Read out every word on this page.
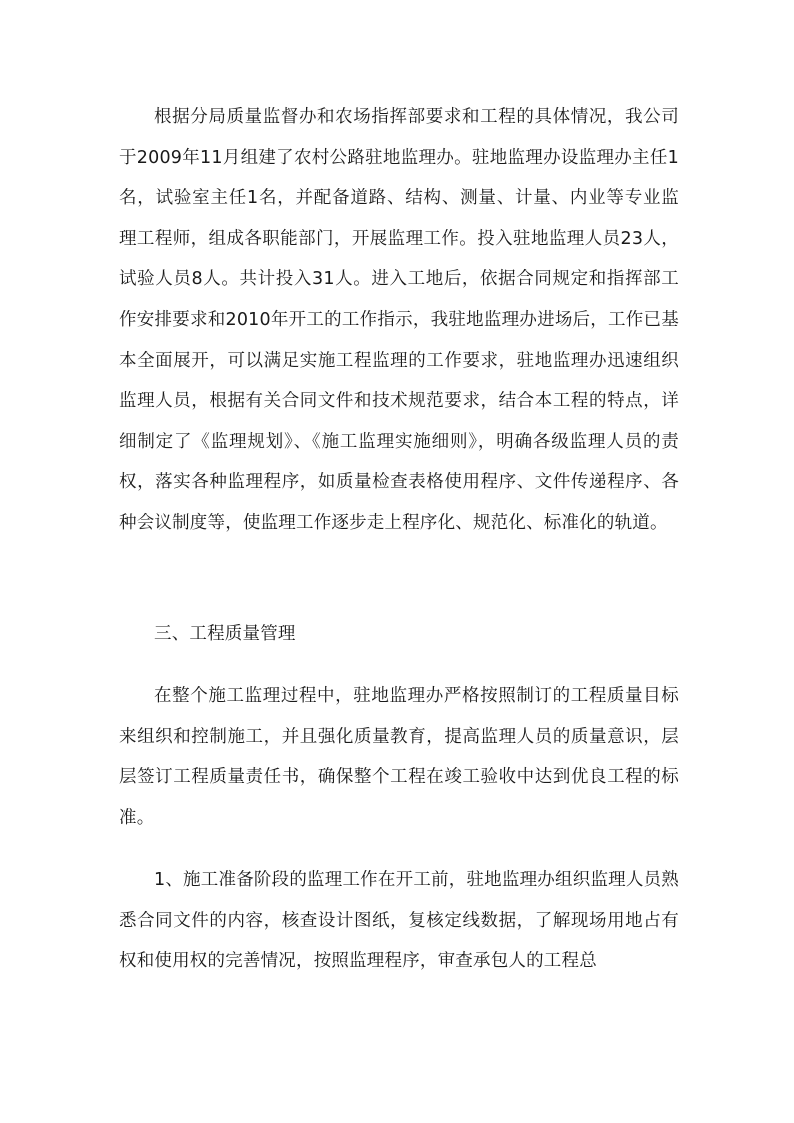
根据分局质量监督办和农场指挥部要求和工程的具体情况，我公司于2009年11月组建了农村公路驻地监理办。驻地监理办设监理办主任1名，试验室主任1名，并配备道路、结构、测量、计量、内业等专业监理工程师，组成各职能部门，开展监理工作。投入驻地监理人员23人，试验人员8人。共计投入31人。进入工地后，依据合同规定和指挥部工作安排要求和2010年开工的工作指示，我驻地监理办进场后，工作已基本全面展开，可以满足实施工程监理的工作要求，驻地监理办迅速组织监理人员，根据有关合同文件和技术规范要求，结合本工程的特点，详细制定了《监理规划》、《施工监理实施细则》，明确各级监理人员的责权，落实各种监理程序，如质量检查表格使用程序、文件传递程序、各种会议制度等，使监理工作逐步走上程序化、规范化、标准化的轨道。

三、工程质量管理

在整个施工监理过程中，驻地监理办严格按照制订的工程质量目标来组织和控制施工，并且强化质量教育，提高监理人员的质量意识，层层签订工程质量责任书，确保整个工程在竣工验收中达到优良工程的标准。

1、施工准备阶段的监理工作在开工前，驻地监理办组织监理人员熟悉合同文件的内容，核查设计图纸，复核定线数据，了解现场用地占有权和使用权的完善情况，按照监理程序，审查承包人的工程总
